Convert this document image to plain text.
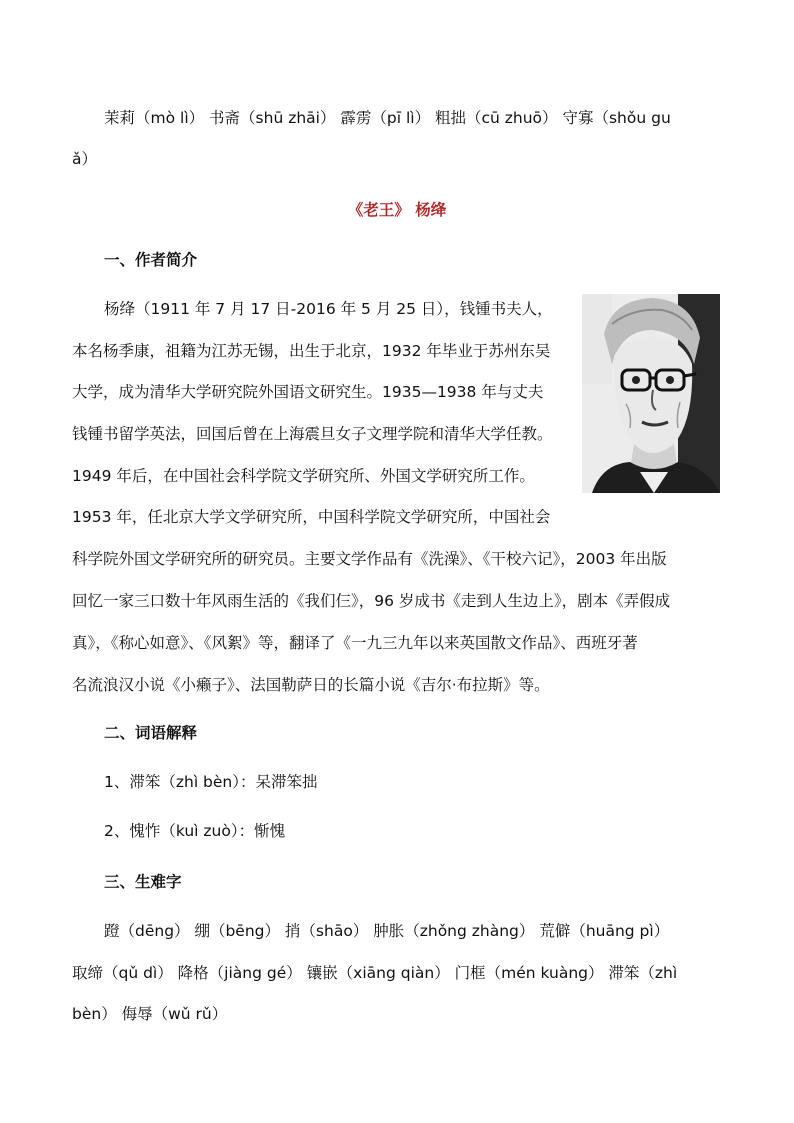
茉莉（mò lì） 书斋（shū zhāi） 霹雳（pī lì） 粗拙（cū zhuō） 守寡（shǒu gu
ǎ）
《老王》 杨绛
一、作者简介
杨绛（1911 年 7 月 17 日-2016 年 5 月 25 日），钱锺书夫人，
本名杨季康，祖籍为江苏无锡，出生于北京，1932 年毕业于苏州东吴
大学，成为清华大学研究院外国语文研究生。1935—1938 年与丈夫
钱锺书留学英法，回国后曾在上海震旦女子文理学院和清华大学任教。
1949 年后，在中国社会科学院文学研究所、外国文学研究所工作。
1953 年，任北京大学文学研究所，中国科学院文学研究所，中国社会
科学院外国文学研究所的研究员。主要文学作品有《洗澡》、《干校六记》，2003 年出版
回忆一家三口数十年风雨生活的《我们仨》，96 岁成书《走到人生边上》，剧本《弄假成
真》，《称心如意》、《风絮》等，翻译了《一九三九年以来英国散文作品》、西班牙著
名流浪汉小说《小癞子》、法国勒萨日的长篇小说《吉尔·布拉斯》等。
二、词语解释
1、滞笨（zhì bèn）：呆滞笨拙
2、愧怍（kuì zuò）：惭愧
三、生难字
蹬（dēng） 绷（bēng） 捎（shāo） 肿胀（zhǒng zhàng） 荒僻（huāng pì）
取缔（qǔ dì） 降格（jiàng gé） 镶嵌（xiāng qiàn） 门框（mén kuàng） 滞笨（zhì
bèn） 侮辱（wǔ rǔ）
